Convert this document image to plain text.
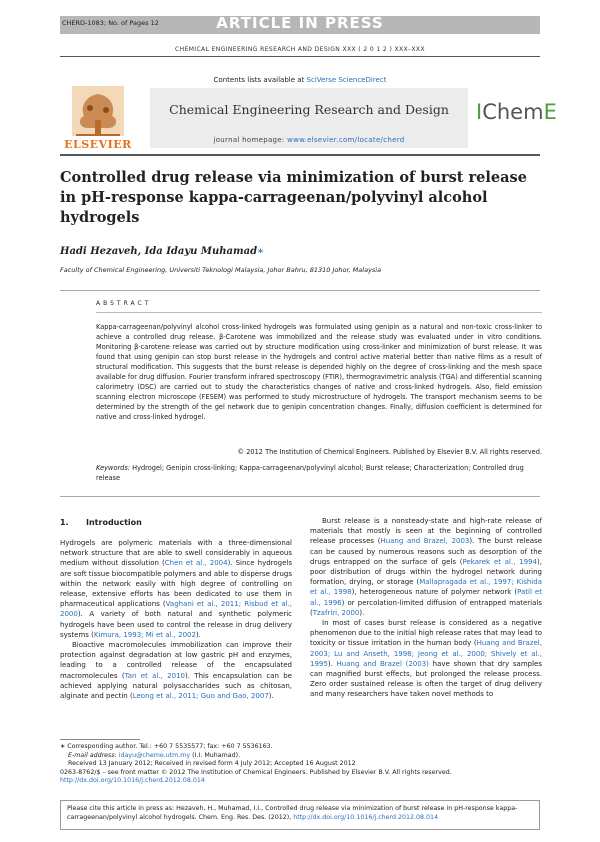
CHERD-1083; No. of Pages 12	ARTICLE IN PRESS
CHEMICAL ENGINEERING RESEARCH AND DESIGN XXX ( 2 0 1 2 ) XXX–XXX
Contents lists available at SciVerse ScienceDirect
Chemical Engineering Research and Design
journal homepage: www.elsevier.com/locate/cherd
ELSEVIER
IChemE
Controlled drug release via minimization of burst release in pH-response kappa-carrageenan/polyvinyl alcohol hydrogels
Hadi Hezaveh, Ida Idayu Muhamad∗
Faculty of Chemical Engineering, Universiti Teknologi Malaysia, Johor Bahru, 81310 Johor, Malaysia
ABSTRACT
Kappa-carrageenan/polyvinyl alcohol cross-linked hydrogels was formulated using genipin as a natural and non-toxic cross-linker to achieve a controlled drug release. β-Carotene was immobilized and the release study was evaluated under in vitro conditions. Monitoring β-carotene release was carried out by structure modification using cross-linker and minimization of burst release. It was found that using genipin can stop burst release in the hydrogels and control active material better than native films as a result of structural modification. This suggests that the burst release is depended highly on the degree of cross-linking and the mesh space available for drug diffusion. Fourier transform infrared spectroscopy (FTIR), thermogravimetric analysis (TGA) and differential scanning calorimetry (DSC) are carried out to study the characteristics changes of native and cross-linked hydrogels. Also, field emission scanning electron microscope (FESEM) was performed to study microstructure of hydrogels. The transport mechanism seems to be determined by the strength of the gel network due to genipin concentration changes. Finally, diffusion coefficient is determined for native and cross-linked hydrogel.
© 2012 The Institution of Chemical Engineers. Published by Elsevier B.V. All rights reserved.
Keywords: Hydrogel; Genipin cross-linking; Kappa-carrageenan/polyvinyl alcohol; Burst release; Characterization; Controlled drug release
1. Introduction

Hydrogels are polymeric materials with a three-dimensional network structure that are able to swell considerably in aqueous medium without dissolution (Chen et al., 2004). Since hydrogels are soft tissue biocompatible polymers and able to disperse drugs within the network easily with high degree of controlling on release, extensive efforts has been dedicated to use them in pharmaceutical applications (Vaghani et al., 2011; Risbud et al., 2000). A variety of both natural and synthetic polymeric hydrogels have been used to control the release in drug delivery systems (Kimura, 1993; Mi et al., 2002).

Bioactive macromolecules immobilization can improve their protection against degradation at low gastric pH and enzymes, leading to a controlled release of the encapsulated macromolecules (Tan et al., 2010). This encapsulation can be achieved applying natural polysaccharides such as chitosan, alginate and pectin (Leong et al., 2011; Guo and Gao, 2007).

Burst release is a nonsteady-state and high-rate release of materials that mostly is seen at the beginning of controlled release processes (Huang and Brazel, 2003). The burst release can be caused by numerous reasons such as desorption of the drugs entrapped on the surface of gels (Pekarek et al., 1994), poor distribution of drugs within the hydrogel network during formation, drying, or storage (Mallapragada et al., 1997; Kishida et al., 1998), heterogeneous nature of polymer network (Patil et al., 1996) or percolation-limited diffusion of entrapped materials (Tzafriri, 2000).

In most of cases burst release is considered as a negative phenomenon due to the initial high release rates that may lead to toxicity or tissue irritation in the human body (Huang and Brazel, 2003; Lu and Anseth, 1998; Jeong et al., 2000; Shively et al., 1995). Huang and Brazel (2003) have shown that dry samples can magnified burst effects, but prolonged the release process. Zero order sustained release is often the target of drug delivery and many researchers have taken novel methods to

∗ Corresponding author. Tel.: +60 7 5535577; fax: +60 7 5536163.
E-mail address: idayu@cheme.utm.my (I.I. Muhamad).
Received 13 January 2012; Received in revised form 4 July 2012; Accepted 16 August 2012
0263-8762/$ – see front matter © 2012 The Institution of Chemical Engineers. Published by Elsevier B.V. All rights reserved.
http://dx.doi.org/10.1016/j.cherd.2012.08.014
Please cite this article in press as: Hezaveh, H., Muhamad, I.I., Controlled drug release via minimization of burst release in pH-response kappa-carrageenan/polyvinyl alcohol hydrogels. Chem. Eng. Res. Des. (2012), http://dx.doi.org/10.1016/j.cherd.2012.08.014
